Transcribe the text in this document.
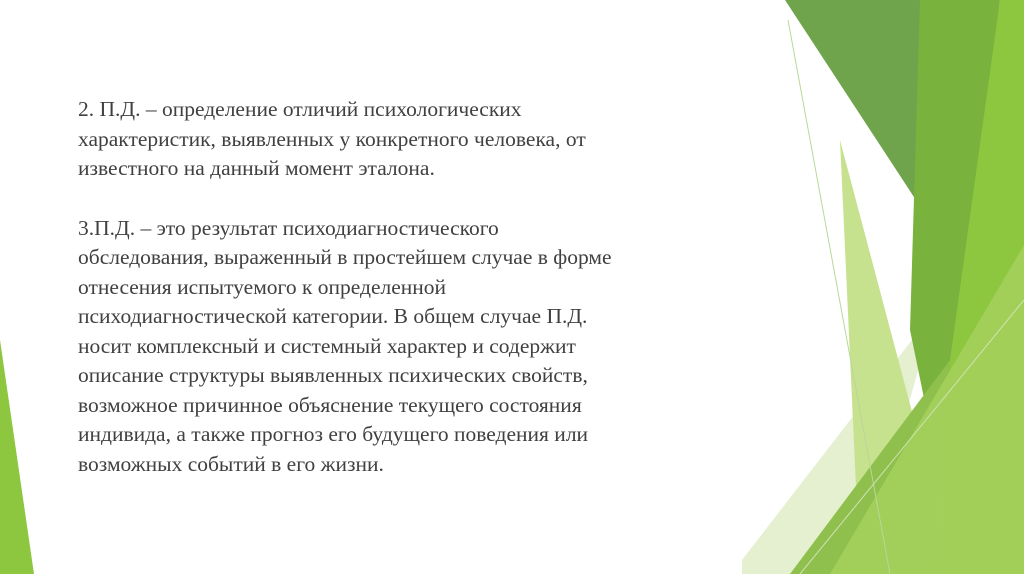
2. П.Д. – определение отличий психологических
характеристик, выявленных у конкретного человека, от
известного на данный момент эталона.

3.П.Д. – это результат психодиагностического
обследования, выраженный в простейшем случае в форме
отнесения испытуемого к определенной
психодиагностической категории. В общем случае П.Д.
носит комплексный и системный характер и содержит
описание структуры выявленных психических свойств,
возможное причинное объяснение текущего состояния
индивида, а также прогноз его будущего поведения или
возможных событий в его жизни.
